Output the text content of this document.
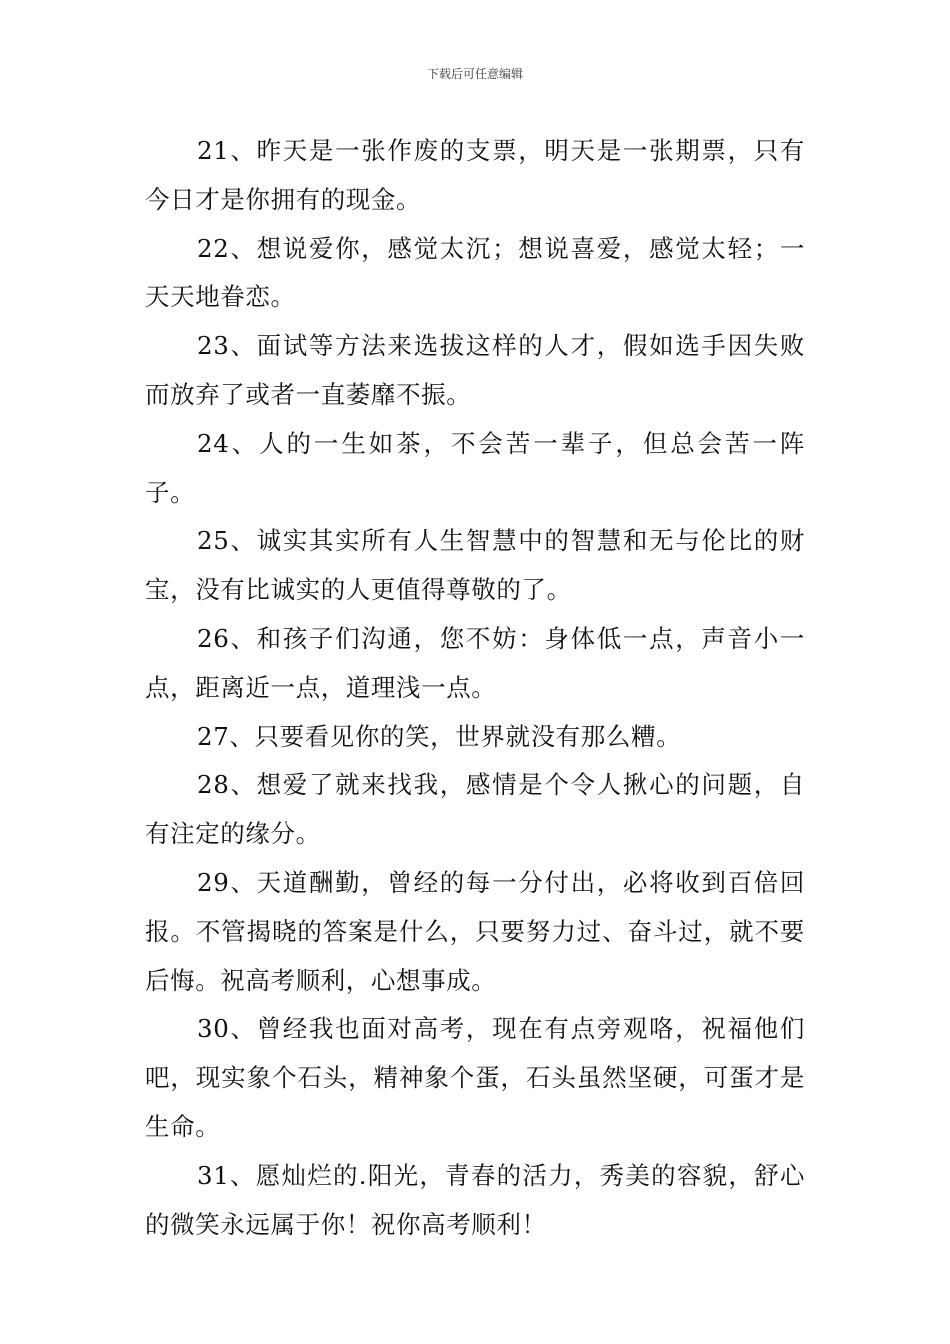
下载后可任意编辑

21、昨天是一张作废的支票，明天是一张期票，只有今日才是你拥有的现金。

22、想说爱你，感觉太沉；想说喜爱，感觉太轻；一天天地眷恋。

23、面试等方法来选拔这样的人才，假如选手因失败而放弃了或者一直萎靡不振。

24、人的一生如茶，不会苦一辈子，但总会苦一阵子。

25、诚实其实所有人生智慧中的智慧和无与伦比的财宝，没有比诚实的人更值得尊敬的了。

26、和孩子们沟通，您不妨：身体低一点，声音小一点，距离近一点，道理浅一点。

27、只要看见你的笑，世界就没有那么糟。

28、想爱了就来找我，感情是个令人揪心的问题，自有注定的缘分。

29、天道酬勤，曾经的每一分付出，必将收到百倍回报。不管揭晓的答案是什么，只要努力过、奋斗过，就不要后悔。祝高考顺利，心想事成。

30、曾经我也面对高考，现在有点旁观咯，祝福他们吧，现实象个石头，精神象个蛋，石头虽然坚硬，可蛋才是生命。

31、愿灿烂的.阳光，青春的活力，秀美的容貌，舒心的微笑永远属于你！祝你高考顺利！
